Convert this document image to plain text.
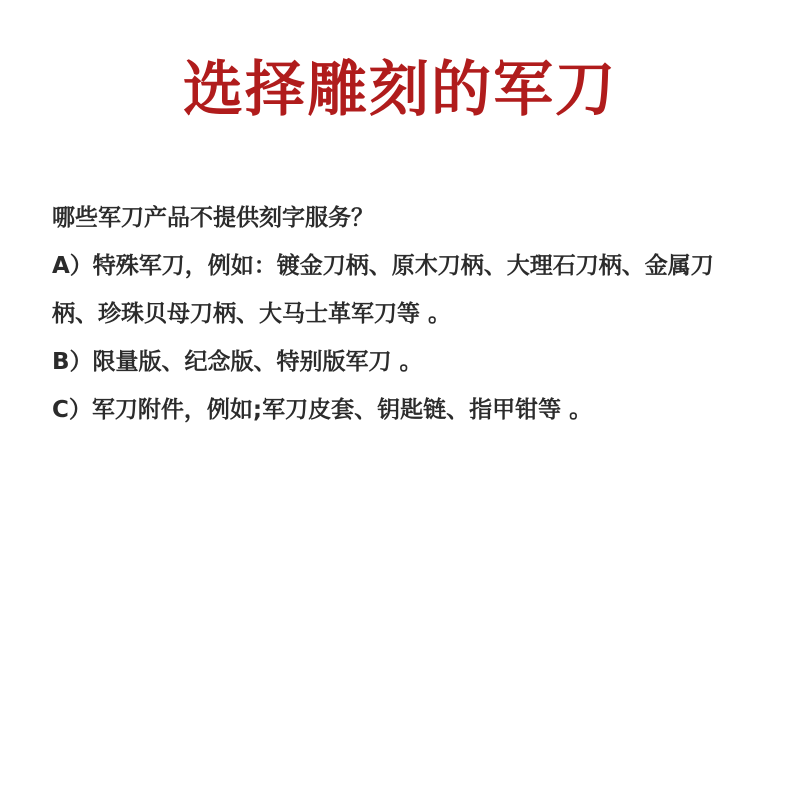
选择雕刻的军刀

哪些军刀产品不提供刻字服务？

A）特殊军刀，例如：镀金刀柄、原木刀柄、大理石刀柄、金属刀柄、珍珠贝母刀柄、大马士革军刀等 。

B）限量版、纪念版、特别版军刀 。

C）军刀附件，例如;军刀皮套、钥匙链、指甲钳等 。
